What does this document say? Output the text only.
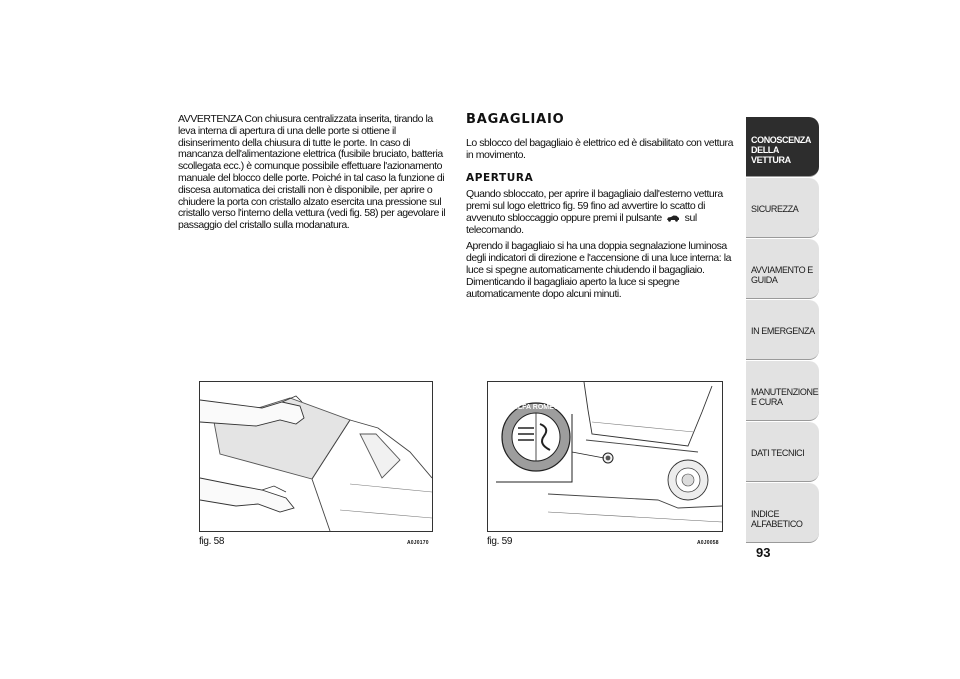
AVVERTENZA Con chiusura centralizzata inserita, tirando la leva interna di apertura di una delle porte si ottiene il disinserimento della chiusura di tutte le porte. In caso di mancanza dell'alimentazione elettrica (fusibile bruciato, batteria scollegata ecc.) è comunque possibile effettuare l'azionamento manuale del blocco delle porte. Poiché in tal caso la funzione di discesa automatica dei cristalli non è disponibile, per aprire o chiudere la porta con cristallo alzato esercita una pressione sul cristallo verso l'interno della vettura (vedi fig. 58) per agevolare il passaggio del cristallo sulla modanatura.

BAGAGLIAIO

Lo sblocco del bagagliaio è elettrico ed è disabilitato con vettura in movimento.

APERTURA

Quando sbloccato, per aprire il bagagliaio dall'esterno vettura premi sul logo elettrico fig. 59 fino ad avvertire lo scatto di avvenuto sbloccaggio oppure premi il pulsante sul telecomando.

Aprendo il bagagliaio si ha una doppia segnalazione luminosa degli indicatori di direzione e l'accensione di una luce interna: la luce si spegne automaticamente chiudendo il bagagliaio. Dimenticando il bagagliaio aperto la luce si spegne automaticamente dopo alcuni minuti.

fig. 58	A0J0170
ALFA ROMEO
fig. 59	A0J0058
CONOSCENZA DELLA VETTURA
SICUREZZA
AVVIAMENTO E GUIDA
IN EMERGENZA
MANUTENZIONE E CURA
DATI TECNICI
INDICE ALFABETICO
93
